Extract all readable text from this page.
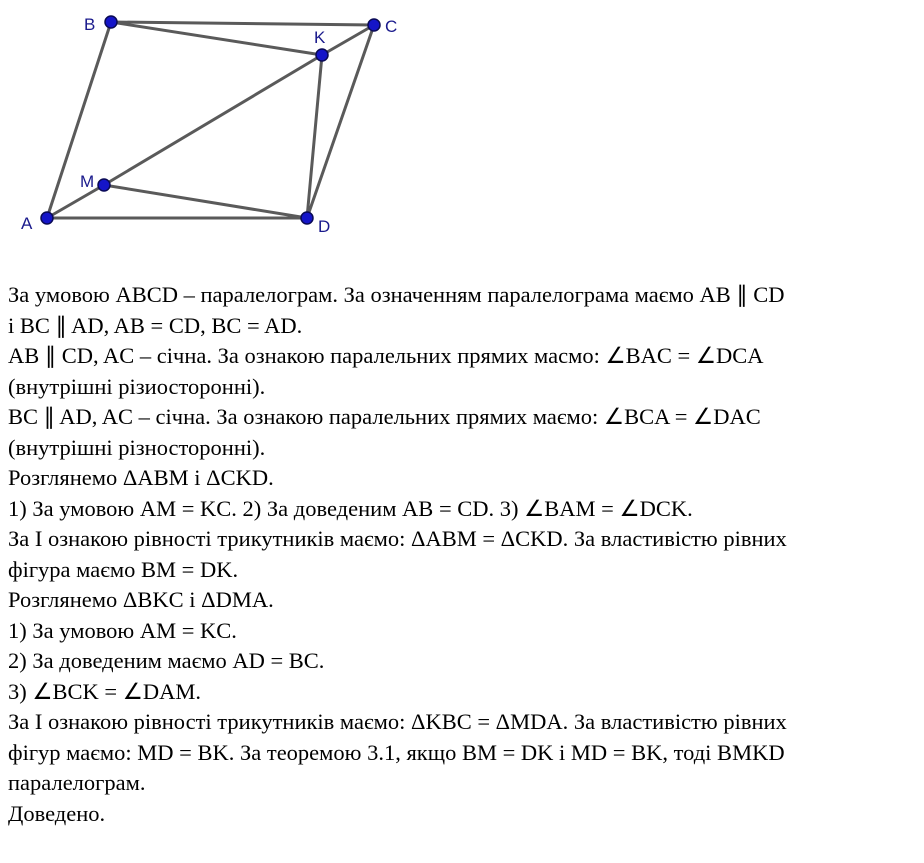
A
B	C
D
K
M
За умовою ABCD – паралелограм. За означенням паралелограма маємо AB ∥ CD
і BC ∥ AD, AB = CD, BC = AD.
AB ∥ CD, AC – січна. За ознакою паралельних прямих масмо: ∠BAC = ∠DCA
(внутрішні різиосторонні).
BC ∥ AD, AC – січна. За ознакою паралельних прямих маємо: ∠BCA = ∠DAC
(внутрішні різносторонні).
Розглянемо ΔABM і ΔCKD.
1) За умовою AM = KC. 2) За доведеним AB = CD. 3) ∠BAM = ∠DCK.
За I ознакою рівності трикутників маємо: ΔABM = ΔCKD. За властивістю рівних
фігура маємо BM = DK.
Розглянемо ΔBKC і ΔDMA.
1) За умовою AM = KC.
2) За доведеним маємо AD = BC.
3) ∠BCK = ∠DAM.
За I ознакою рівності трикутників маємо: ΔKBC = ΔMDA. За властивістю рівних
фігур маємо: MD = BK. За теоремою 3.1, якщо BM = DK і MD = BK, тоді BMKD
паралелограм.
Доведено.
